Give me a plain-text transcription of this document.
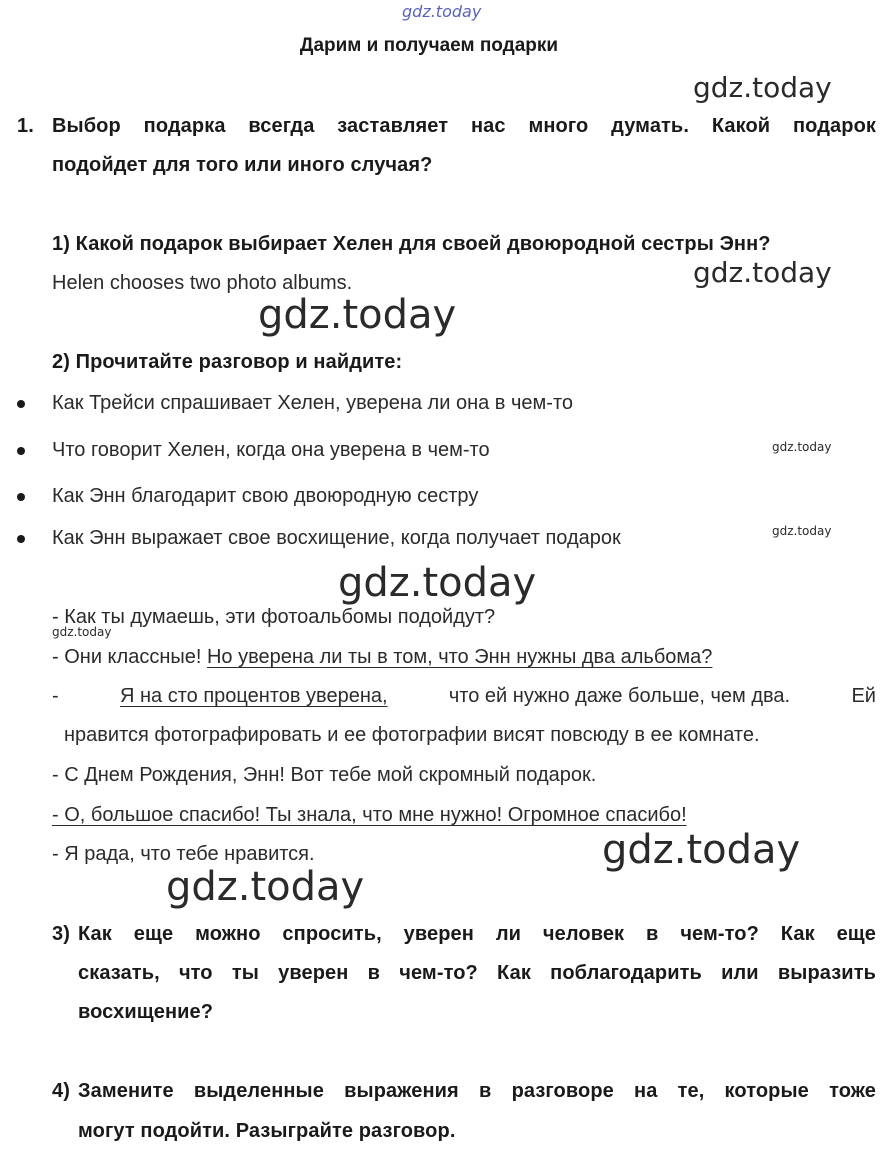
gdz.today
gdz.today
gdz.today
gdz.today
gdz.today
gdz.today
gdz.today
gdz.today
gdz.today
gdz.today
Дарим и получаем подарки
1. Выбор подарка всегда заставляет нас много думать. Какой подарок
подойдет для того или иного случая?
1) Какой подарок выбирает Хелен для своей двоюродной сестры Энн?
Helen chooses two photo albums.
2) Прочитайте разговор и найдите:
Как Трейси спрашивает Хелен, уверена ли она в чем-то
Что говорит Хелен, когда она уверена в чем-то
Как Энн благодарит свою двоюродную сестру
Как Энн выражает свое восхищение, когда получает подарок
- Как ты думаешь, эти фотоальбомы подойдут?
- Они классные! Но уверена ли ты в том, что Энн нужны два альбома?
-	Я на сто процентов уверена,	что ей нужно даже больше, чем два.	Ей
нравится фотографировать и ее фотографии висят повсюду в ее комнате.
- С Днем Рождения, Энн! Вот тебе мой скромный подарок.
- О, большое спасибо! Ты знала, что мне нужно! Огромное спасибо!
- Я рада, что тебе нравится.
3) Как еще можно спросить, уверен ли человек в чем-то? Как еще
сказать, что ты уверен в чем-то? Как поблагодарить или выразить
восхищение?
4) Замените выделенные выражения в разговоре на те, которые тоже
могут подойти. Разыграйте разговор.
